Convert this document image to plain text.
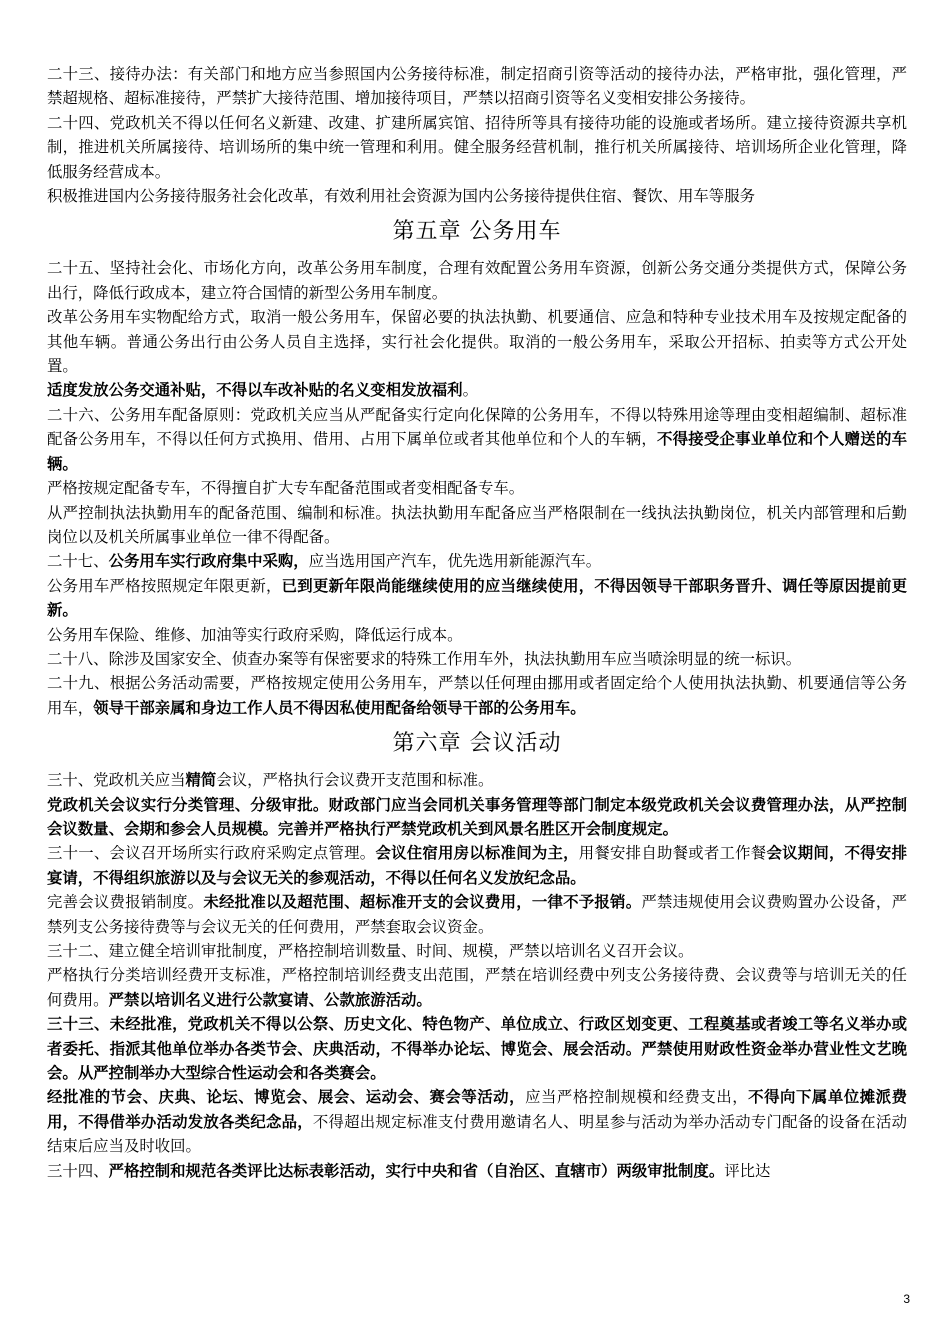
二十三、接待办法：有关部门和地方应当参照国内公务接待标准，制定招商引资等活动的接待办法，严格审批，强化管理，严禁超规格、超标准接待，严禁扩大接待范围、增加接待项目，严禁以招商引资等名义变相安排公务接待。

二十四、党政机关不得以任何名义新建、改建、扩建所属宾馆、招待所等具有接待功能的设施或者场所。建立接待资源共享机制，推进机关所属接待、培训场所的集中统一管理和利用。健全服务经营机制，推行机关所属接待、培训场所企业化管理，降低服务经营成本。

积极推进国内公务接待服务社会化改革，有效利用社会资源为国内公务接待提供住宿、餐饮、用车等服务

第五章 公务用车

二十五、坚持社会化、市场化方向，改革公务用车制度，合理有效配置公务用车资源，创新公务交通分类提供方式，保障公务出行，降低行政成本，建立符合国情的新型公务用车制度。

改革公务用车实物配给方式，取消一般公务用车，保留必要的执法执勤、机要通信、应急和特种专业技术用车及按规定配备的其他车辆。普通公务出行由公务人员自主选择，实行社会化提供。取消的一般公务用车，采取公开招标、拍卖等方式公开处置。

适度发放公务交通补贴，不得以车改补贴的名义变相发放福利。

二十六、公务用车配备原则：党政机关应当从严配备实行定向化保障的公务用车，不得以特殊用途等理由变相超编制、超标准配备公务用车，不得以任何方式换用、借用、占用下属单位或者其他单位和个人的车辆，不得接受企事业单位和个人赠送的车辆。

严格按规定配备专车，不得擅自扩大专车配备范围或者变相配备专车。

从严控制执法执勤用车的配备范围、编制和标准。执法执勤用车配备应当严格限制在一线执法执勤岗位，机关内部管理和后勤岗位以及机关所属事业单位一律不得配备。

二十七、公务用车实行政府集中采购，应当选用国产汽车，优先选用新能源汽车。

公务用车严格按照规定年限更新，已到更新年限尚能继续使用的应当继续使用，不得因领导干部职务晋升、调任等原因提前更新。

公务用车保险、维修、加油等实行政府采购，降低运行成本。

二十八、除涉及国家安全、侦查办案等有保密要求的特殊工作用车外，执法执勤用车应当喷涂明显的统一标识。

二十九、根据公务活动需要，严格按规定使用公务用车，严禁以任何理由挪用或者固定给个人使用执法执勤、机要通信等公务用车，领导干部亲属和身边工作人员不得因私使用配备给领导干部的公务用车。

第六章 会议活动

三十、党政机关应当精简会议，严格执行会议费开支范围和标准。

党政机关会议实行分类管理、分级审批。财政部门应当会同机关事务管理等部门制定本级党政机关会议费管理办法，从严控制会议数量、会期和参会人员规模。完善并严格执行严禁党政机关到风景名胜区开会制度规定。

三十一、会议召开场所实行政府采购定点管理。会议住宿用房以标准间为主，用餐安排自助餐或者工作餐会议期间，不得安排宴请，不得组织旅游以及与会议无关的参观活动，不得以任何名义发放纪念品。

完善会议费报销制度。未经批准以及超范围、超标准开支的会议费用，一律不予报销。严禁违规使用会议费购置办公设备，严禁列支公务接待费等与会议无关的任何费用，严禁套取会议资金。

三十二、建立健全培训审批制度，严格控制培训数量、时间、规模，严禁以培训名义召开会议。

严格执行分类培训经费开支标准，严格控制培训经费支出范围，严禁在培训经费中列支公务接待费、会议费等与培训无关的任何费用。严禁以培训名义进行公款宴请、公款旅游活动。

三十三、未经批准，党政机关不得以公祭、历史文化、特色物产、单位成立、行政区划变更、工程奠基或者竣工等名义举办或者委托、指派其他单位举办各类节会、庆典活动，不得举办论坛、博览会、展会活动。严禁使用财政性资金举办营业性文艺晚会。从严控制举办大型综合性运动会和各类赛会。

经批准的节会、庆典、论坛、博览会、展会、运动会、赛会等活动，应当严格控制规模和经费支出，不得向下属单位摊派费用，不得借举办活动发放各类纪念品，不得超出规定标准支付费用邀请名人、明星参与活动为举办活动专门配备的设备在活动结束后应当及时收回。

三十四、严格控制和规范各类评比达标表彰活动，实行中央和省（自治区、直辖市）两级审批制度。评比达

3
